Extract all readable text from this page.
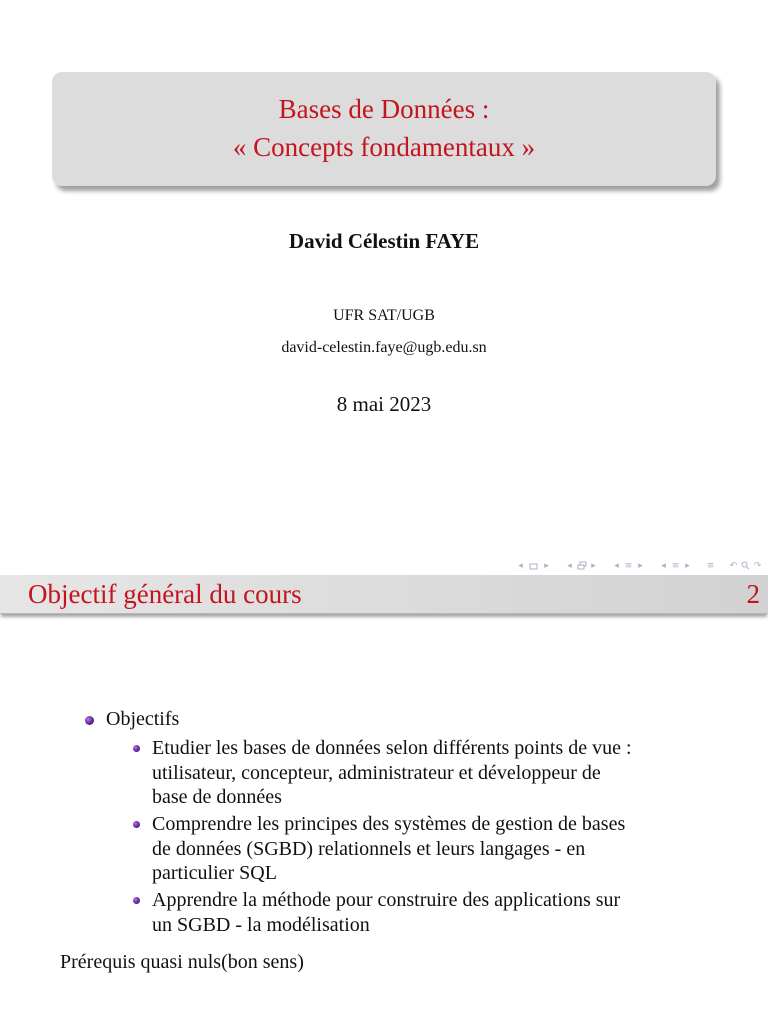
Bases de Données :
« Concepts fondamentaux »
David Célestin FAYE
UFR SAT/UGB
david-celestin.faye@ugb.edu.sn
8 mai 2023
◂ ▸ ◂ ▸ ◂ ≡ ▸ ◂ ≡ ▸ ≡ ↶ ↷
Objectif général du cours	2
Objectifs
Etudier les bases de données selon différents points de vue :
utilisateur, concepteur, administrateur et développeur de
base de données
Comprendre les principes des systèmes de gestion de bases
de données (SGBD) relationnels et leurs langages - en
particulier SQL
Apprendre la méthode pour construire des applications sur
un SGBD - la modélisation
Prérequis quasi nuls(bon sens)
